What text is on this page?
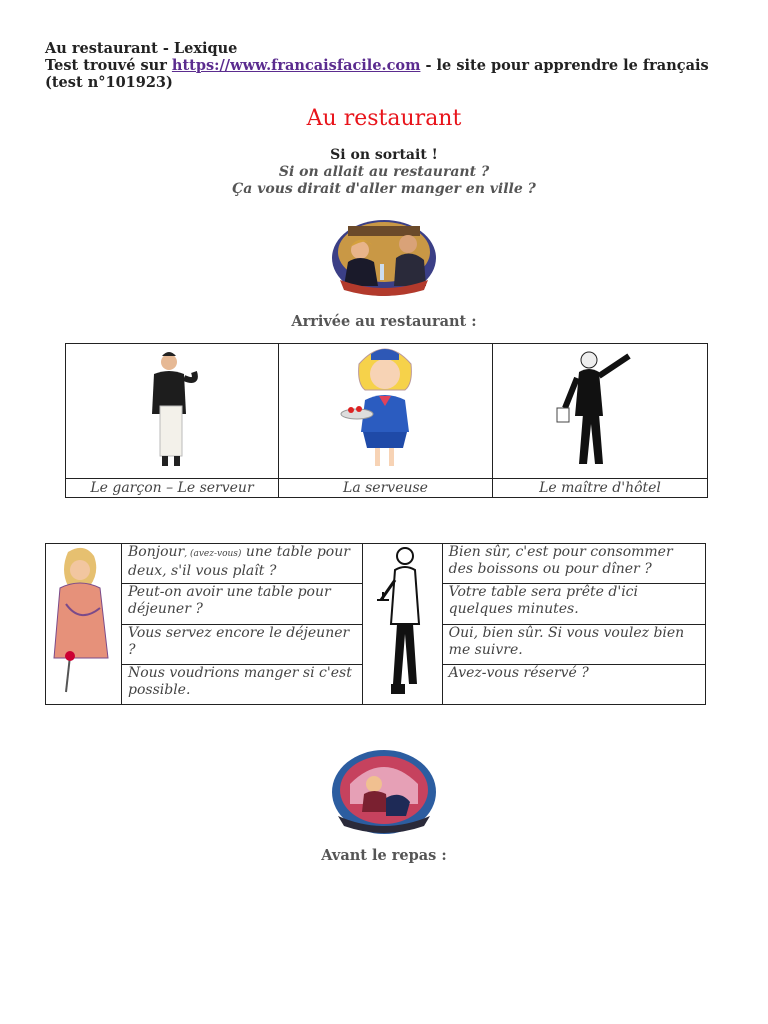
Au restaurant - Lexique
Test trouvé sur https://www.francaisfacile.com - le site pour apprendre le français (test n°101923)
Au restaurant
Si on sortait !
Si on allait au restaurant ?
Ça vous dirait d'aller manger en ville ?
Arrivée au restaurant :

Le garçon – Le serveur	La serveuse	Le maître d'hôtel
	Bonjour, (avez-vous) une table pour deux, s'il vous plaît ?		Bien sûr, c'est pour consommer des boissons ou pour dîner ?
	Peut-on avoir une table pour déjeuner ?		Votre table sera prête d'ici quelques minutes.
	Vous servez encore le déjeuner ?		Oui, bien sûr. Si vous voulez bien me suivre.
	Nous voudrions manger si c'est possible.		Avez-vous réservé ?
Avant le repas :
